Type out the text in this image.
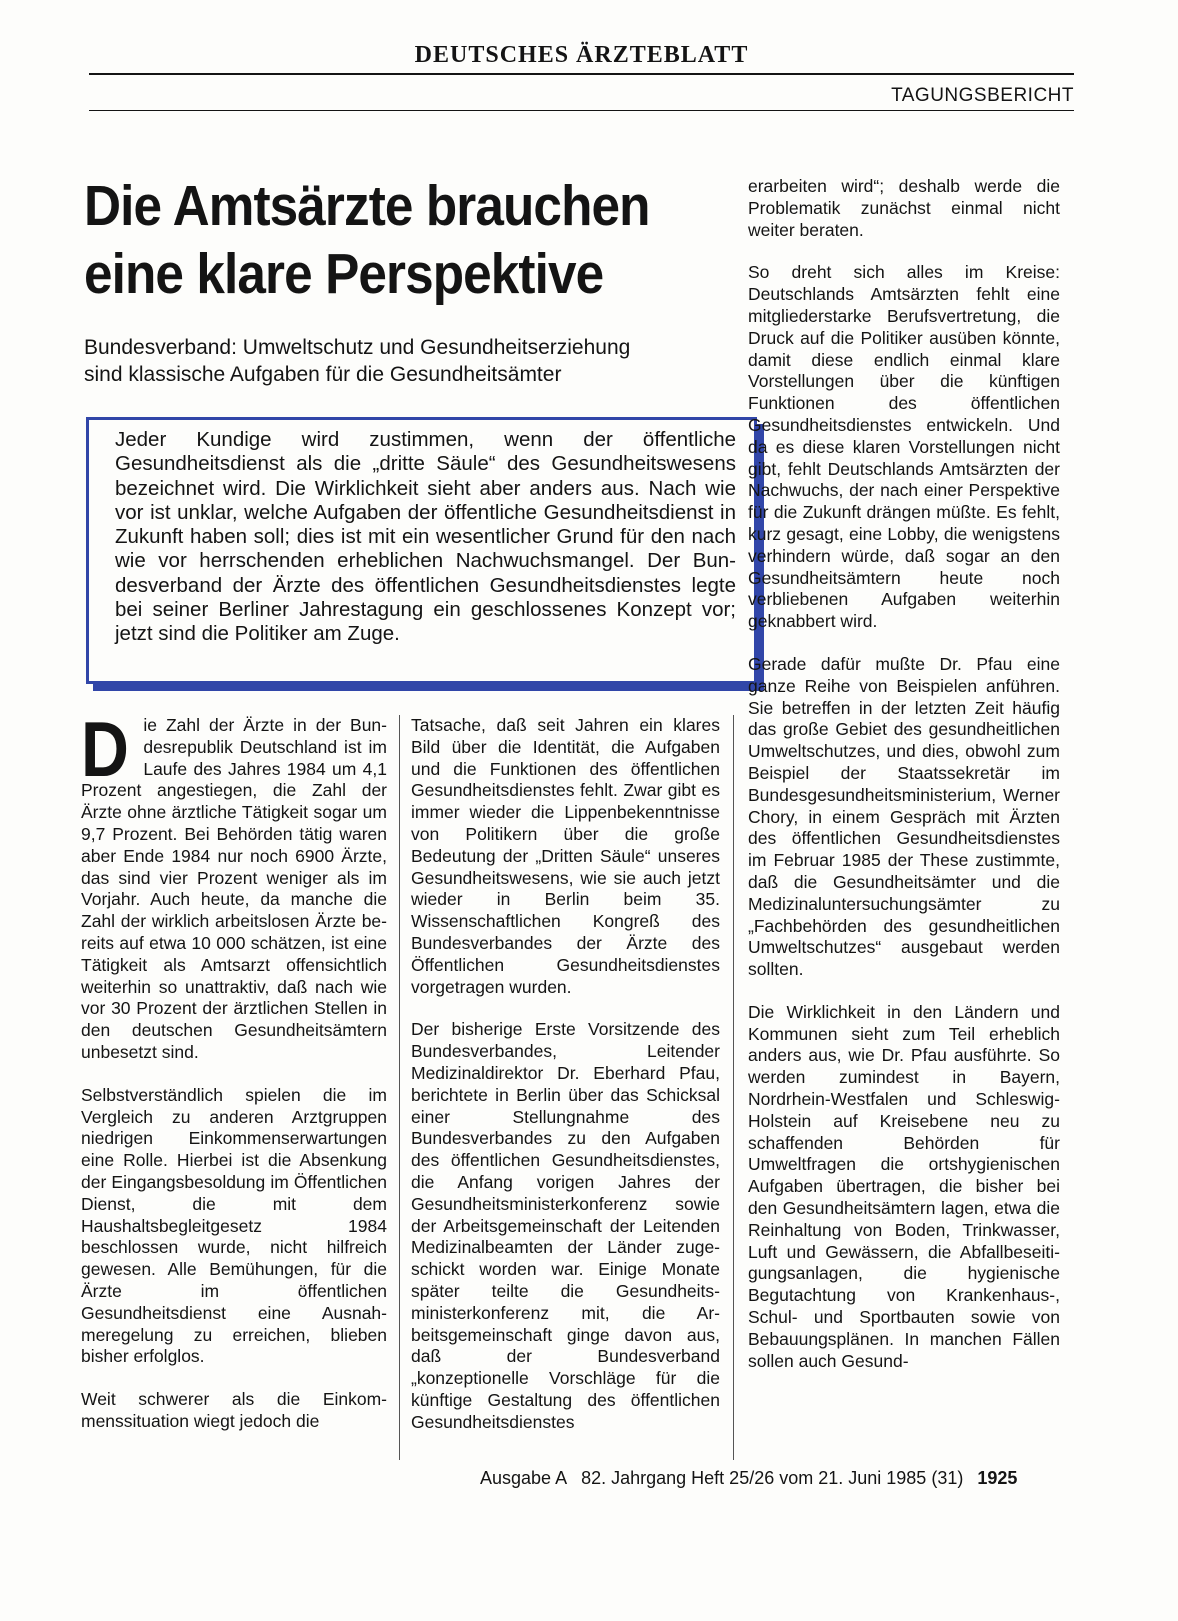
DEUTSCHES ÄRZTEBLATT
TAGUNGSBERICHT
Die Amtsärzte brauchen
eine klare Perspektive

Bundesverband: Umweltschutz und Gesundheitserziehung
sind klassische Aufgaben für die Gesundheitsämter

Jeder Kundige wird zustimmen, wenn der öffentliche Gesundheitsdienst als die „dritte Säule“ des Gesundheitswesens bezeichnet wird. Die Wirklichkeit sieht aber anders aus. Nach wie vor ist unklar, welche Aufgaben der öffentliche Gesundheitsdienst in Zukunft haben soll; dies ist mit ein wesentlicher Grund für den nach wie vor herrschenden erheblichen Nachwuchsmangel. Der Bundesverband der Ärzte des öffentlichen Gesundheitsdienstes legte bei seiner Berliner Jahrestagung ein geschlossenes Konzept vor; jetzt sind die Politiker am Zuge.

Die Zahl der Ärzte in der Bundesrepublik Deutschland ist im Laufe des Jahres 1984 um 4,1 Prozent angestiegen, die Zahl der Ärzte ohne ärztliche Tätigkeit sogar um 9,7 Prozent. Bei Behörden tätig waren aber Ende 1984 nur noch 6900 Ärzte, das sind vier Prozent weniger als im Vorjahr. Auch heute, da manche die Zahl der wirklich arbeitslosen Ärzte bereits auf etwa 10 000 schätzen, ist eine Tätigkeit als Amtsarzt offensichtlich weiterhin so unattraktiv, daß nach wie vor 30 Prozent der ärztlichen Stellen in den deutschen Gesundheitsämtern unbesetzt sind.

Selbstverständlich spielen die im Vergleich zu anderen Arztgruppen niedrigen Einkommenserwartungen eine Rolle. Hierbei ist die Absenkung der Eingangsbesoldung im Öffentlichen Dienst, die mit dem Haushaltsbegleitgesetz 1984 beschlossen wurde, nicht hilfreich gewesen. Alle Bemühungen, für die Ärzte im öffentlichen Gesundheitsdienst eine Ausnahmeregelung zu erreichen, blieben bisher erfolglos.

Weit schwerer als die Einkommenssituation wiegt jedoch die

Tatsache, daß seit Jahren ein klares Bild über die Identität, die Aufgaben und die Funktionen des öffentlichen Gesundheitsdienstes fehlt. Zwar gibt es immer wieder die Lippenbekenntnisse von Politikern über die große Bedeutung der „Dritten Säule“ unseres Gesundheitswesens, wie sie auch jetzt wieder in Berlin beim 35. Wissenschaftlichen Kongreß des Bundesverbandes der Ärzte des Öffentlichen Gesundheitsdienstes vorgetragen wurden.

Der bisherige Erste Vorsitzende des Bundesverbandes, Leitender Medizinaldirektor Dr. Eberhard Pfau, berichtete in Berlin über das Schicksal einer Stellungnahme des Bundesverbandes zu den Aufgaben des öffentlichen Gesundheitsdienstes, die Anfang vorigen Jahres der Gesundheitsministerkonferenz sowie der Arbeitsgemeinschaft der Leitenden Medizinalbeamten der Länder zugeschickt worden war. Einige Monate später teilte die Gesundheitsministerkonferenz mit, die Arbeitsgemeinschaft ginge davon aus, daß der Bundesverband „konzeptionelle Vorschläge für die künftige Gestaltung des öffentlichen Gesundheitsdienstes

erarbeiten wird“; deshalb werde die Problematik zunächst einmal nicht weiter beraten.

So dreht sich alles im Kreise: Deutschlands Amtsärzten fehlt eine mitgliederstarke Berufsvertretung, die Druck auf die Politiker ausüben könnte, damit diese endlich einmal klare Vorstellungen über die künftigen Funktionen des öffentlichen Gesundheitsdienstes entwickeln. Und da es diese klaren Vorstellungen nicht gibt, fehlt Deutschlands Amtsärzten der Nachwuchs, der nach einer Perspektive für die Zukunft drängen müßte. Es fehlt, kurz gesagt, eine Lobby, die wenigstens verhindern würde, daß sogar an den Gesundheitsämtern heute noch verbliebenen Aufgaben weiterhin geknabbert wird.

Gerade dafür mußte Dr. Pfau eine ganze Reihe von Beispielen anführen. Sie betreffen in der letzten Zeit häufig das große Gebiet des gesundheitlichen Umweltschutzes, und dies, obwohl zum Beispiel der Staatssekretär im Bundesgesundheitsministerium, Werner Chory, in einem Gespräch mit Ärzten des öffentlichen Gesundheitsdienstes im Februar 1985 der These zustimmte, daß die Gesundheitsämter und die Medizinaluntersuchungsämter zu „Fachbehörden des gesundheitlichen Umweltschutzes“ ausgebaut werden sollten.

Die Wirklichkeit in den Ländern und Kommunen sieht zum Teil erheblich anders aus, wie Dr. Pfau ausführte. So werden zumindest in Bayern, Nordrhein-Westfalen und Schleswig-Holstein auf Kreisebene neu zu schaffenden Behörden für Umweltfragen die ortshygienischen Aufgaben übertragen, die bisher bei den Gesundheitsämtern lagen, etwa die Reinhaltung von Boden, Trinkwasser, Luft und Gewässern, die Abfallbeseitigungsanlagen, die hygienische Begutachtung von Krankenhaus-, Schul- und Sportbauten sowie von Bebauungsplänen. In manchen Fällen sollen auch Gesund-

Ausgabe A   82. Jahrgang Heft 25/26 vom 21. Juni 1985 (31) 1925
